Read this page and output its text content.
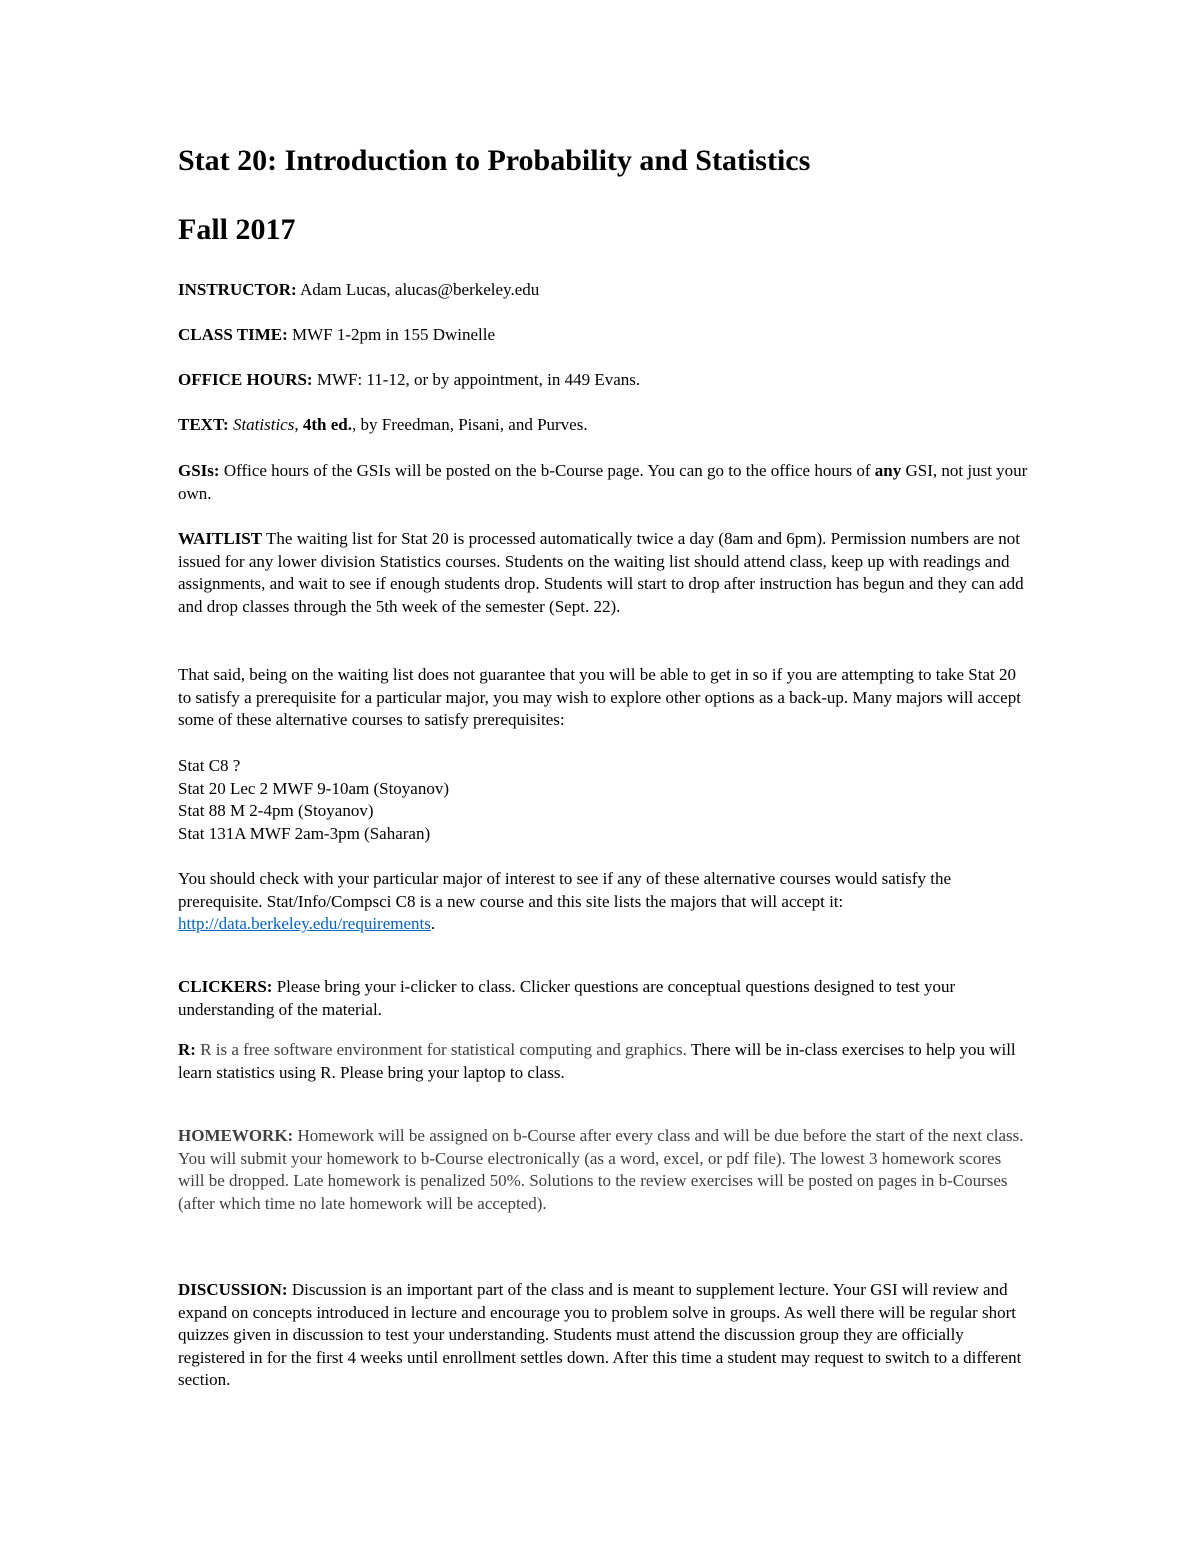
Stat 20: Introduction to Probability and Statistics
Fall 2017

INSTRUCTOR: Adam Lucas, alucas@berkeley.edu

CLASS TIME: MWF 1-2pm in 155 Dwinelle

OFFICE HOURS: MWF: 11-12, or by appointment, in 449 Evans.

TEXT: Statistics, 4th ed., by Freedman, Pisani, and Purves.

GSIs: Office hours of the GSIs will be posted on the b-Course page. You can go to the office hours of any GSI, not just your own.

WAITLIST The waiting list for Stat 20 is processed automatically twice a day (8am and 6pm). Permission numbers are not issued for any lower division Statistics courses. Students on the waiting list should attend class, keep up with readings and assignments, and wait to see if enough students drop. Students will start to drop after instruction has begun and they can add and drop classes through the 5th week of the semester (Sept. 22).

That said, being on the waiting list does not guarantee that you will be able to get in so if you are attempting to take Stat 20 to satisfy a prerequisite for a particular major, you may wish to explore other options as a back-up. Many majors will accept some of these alternative courses to satisfy prerequisites:

Stat C8 ?
Stat 20 Lec 2 MWF 9-10am (Stoyanov)
Stat 88 M 2-4pm (Stoyanov)
Stat 131A MWF 2am-3pm (Saharan)

You should check with your particular major of interest to see if any of these alternative courses would satisfy the prerequisite. Stat/Info/Compsci C8 is a new course and this site lists the majors that will accept it: http://data.berkeley.edu/requirements.

CLICKERS: Please bring your i-clicker to class. Clicker questions are conceptual questions designed to test your understanding of the material.

R: R is a free software environment for statistical computing and graphics. There will be in-class exercises to help you will learn statistics using R. Please bring your laptop to class.

HOMEWORK: Homework will be assigned on b-Course after every class and will be due before the start of the next class. You will submit your homework to b-Course electronically (as a word, excel, or pdf file). The lowest 3 homework scores will be dropped. Late homework is penalized 50%. Solutions to the review exercises will be posted on pages in b-Courses (after which time no late homework will be accepted).

DISCUSSION: Discussion is an important part of the class and is meant to supplement lecture. Your GSI will review and expand on concepts introduced in lecture and encourage you to problem solve in groups. As well there will be regular short quizzes given in discussion to test your understanding. Students must attend the discussion group they are officially registered in for the first 4 weeks until enrollment settles down. After this time a student may request to switch to a different section.
